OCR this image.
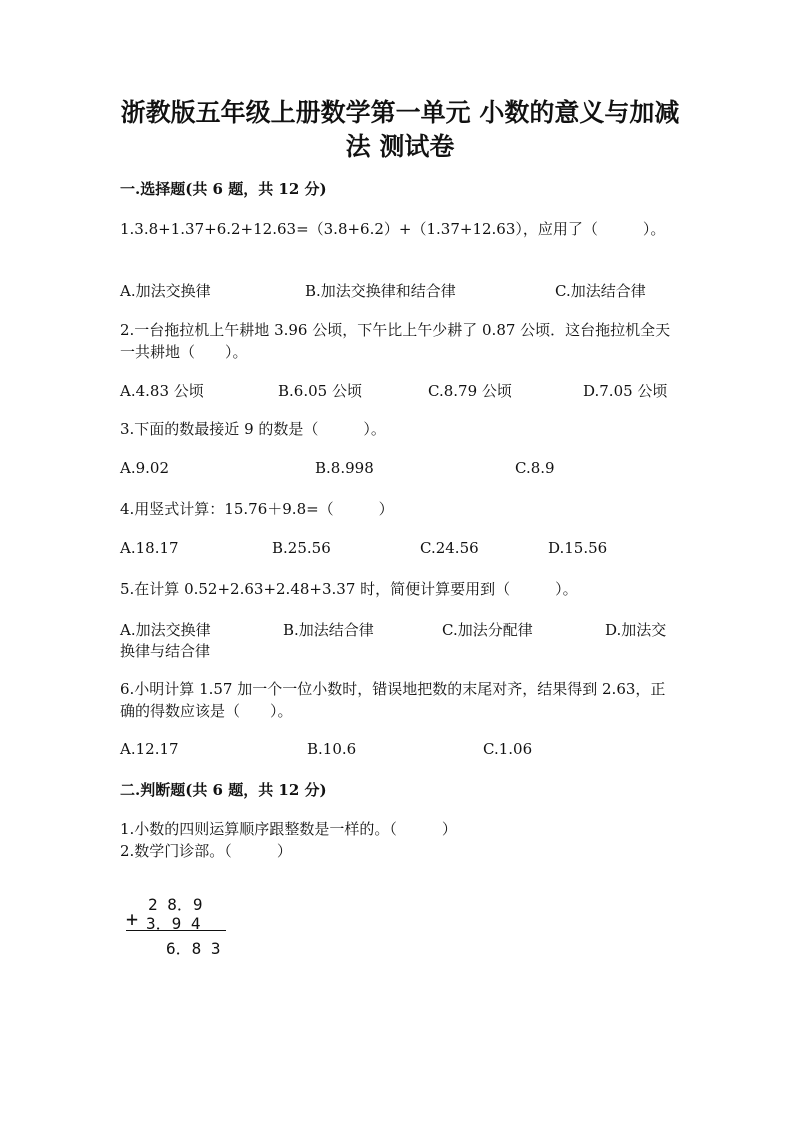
浙教版五年级上册数学第一单元 小数的意义与加减
法 测试卷
一.选择题(共 6 题，共 12 分)
1.3.8+1.37+6.2+12.63=（3.8+6.2）+（1.37+12.63），应用了（　　　）。
A.加法交换律	B.加法交换律和结合律	C.加法结合律
2.一台拖拉机上午耕地 3.96 公顷，下午比上午少耕了 0.87 公顷．这台拖拉机全天一共耕地（　　）。
A.4.83 公顷	B.6.05 公顷	C.8.79 公顷	D.7.05 公顷
3.下面的数最接近 9 的数是（　　　）。
A.9.02	B.8.998	C.8.9
4.用竖式计算：15.76＋9.8=（　　　）
A.18.17	B.25.56	C.24.56	D.15.56
5.在计算 0.52+2.63+2.48+3.37 时，简便计算要用到（　　　）。
A.加法交换律	B.加法结合律	C.加法分配律	D.加法交
换律与结合律
6.小明计算 1.57 加一个一位小数时，错误地把数的末尾对齐，结果得到 2.63，正确的得数应该是（　　）。
A.12.17	B.10.6	C.1.06
二.判断题(共 6 题，共 12 分)
1.小数的四则运算顺序跟整数是一样的。（　　　）
2.数学门诊部。（　　　）
2 8．9
+ 3．9 4
6．8 3
